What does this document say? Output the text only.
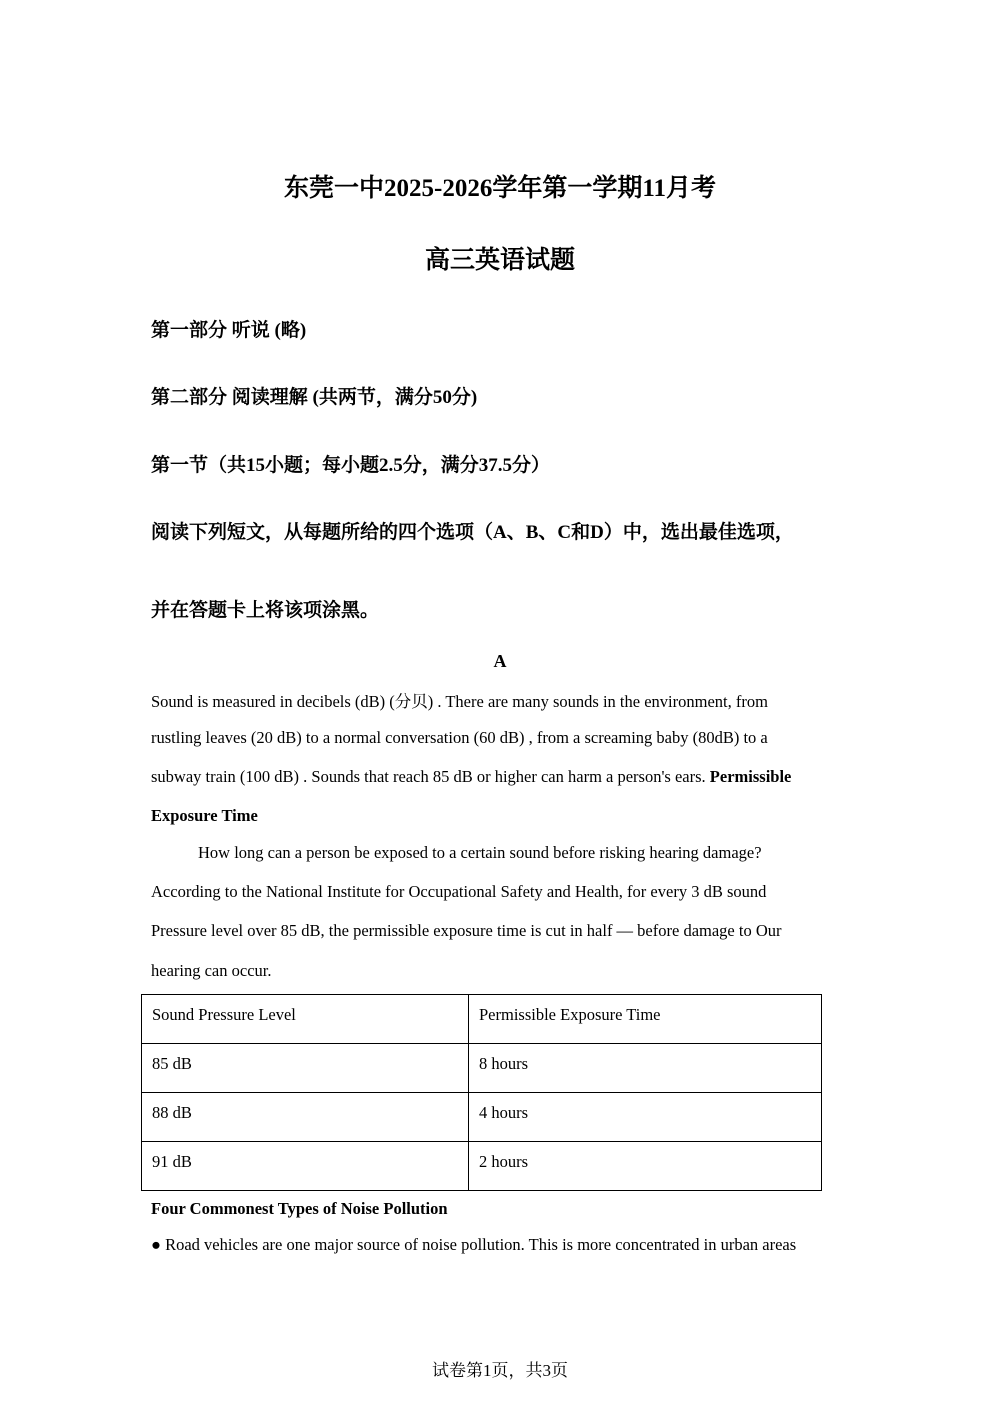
东莞一中2025-2026学年第一学期11月考
高三英语试题
第一部分 听说 (略)
第二部分 阅读理解 (共两节，满分50分)
第一节（共15小题；每小题2.5分，满分37.5分）
阅读下列短文，从每题所给的四个选项（A、B、C和D）中，选出最佳选项，
并在答题卡上将该项涂黑。
A
Sound is measured in decibels (dB) (分贝) . There are many sounds in the environment, from
rustling leaves (20 dB) to a normal conversation (60 dB) , from a screaming baby (80dB) to a
subway train (100 dB) . Sounds that reach 85 dB or higher can harm a person's ears. Permissible
Exposure Time
How long can a person be exposed to a certain sound before risking hearing damage?
According to the National Institute for Occupational Safety and Health, for every 3 dB sound
Pressure level over 85 dB, the permissible exposure time is cut in half — before damage to Our
hearing can occur.
Sound Pressure Level	Permissible Exposure Time
85 dB	8 hours
88 dB	4 hours
91 dB	2 hours
Four Commonest Types of Noise Pollution
● Road vehicles are one major source of noise pollution. This is more concentrated in urban areas
试卷第1页，共3页
